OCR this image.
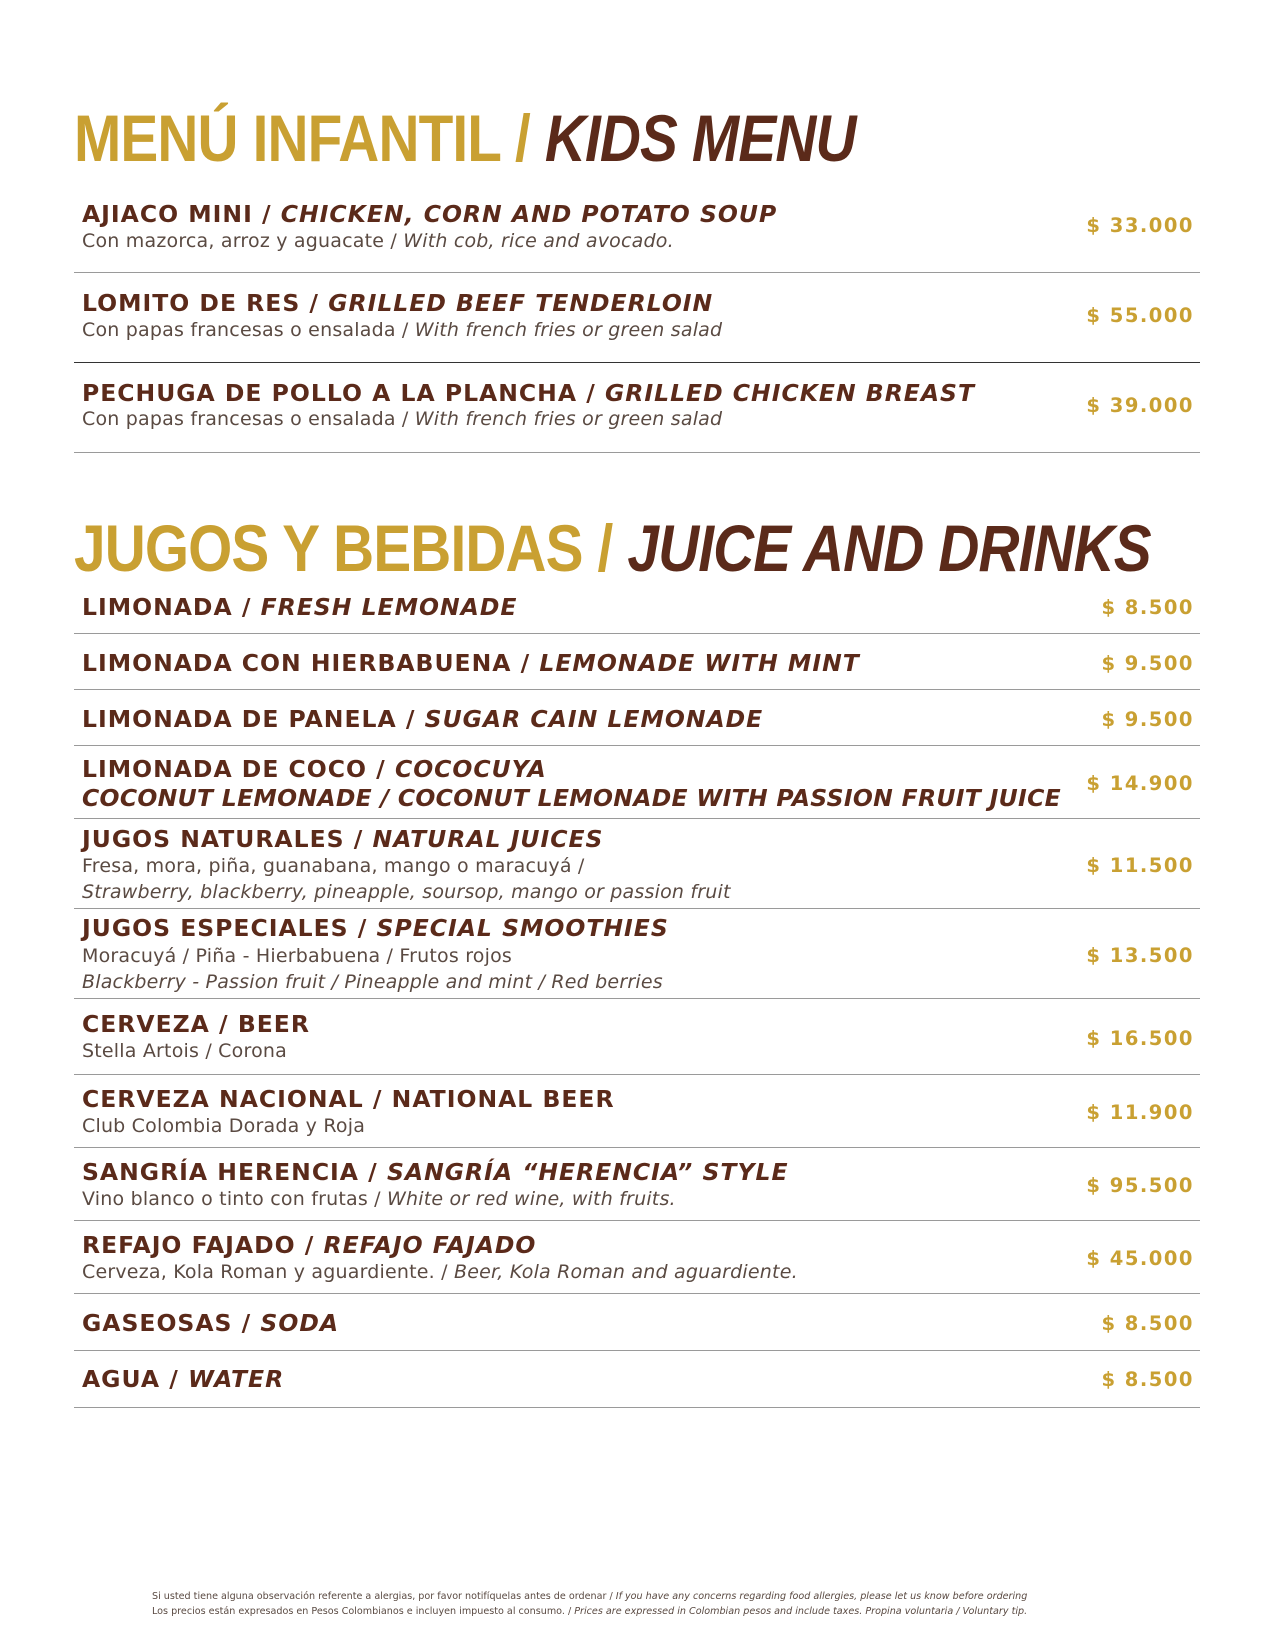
MENÚ INFANTIL / KIDS MENU
AJIACO MINI / CHICKEN, CORN AND POTATO SOUP
Con mazorca, arroz y aguacate / With cob, rice and avocado.
$ 33.000
LOMITO DE RES / GRILLED BEEF TENDERLOIN
Con papas francesas o ensalada / With french fries or green salad
$ 55.000
PECHUGA DE POLLO A LA PLANCHA / GRILLED CHICKEN BREAST
Con papas francesas o ensalada / With french fries or green salad
$ 39.000
JUGOS Y BEBIDAS / JUICE AND DRINKS
LIMONADA / FRESH LEMONADE	$ 8.500
LIMONADA CON HIERBABUENA / LEMONADE WITH MINT	$ 9.500
LIMONADA DE PANELA / SUGAR CAIN LEMONADE	$ 9.500
LIMONADA DE COCO / COCOCUYA
COCONUT LEMONADE / COCONUT LEMONADE WITH PASSION FRUIT JUICE
$ 14.900
JUGOS NATURALES / NATURAL JUICES
Fresa, mora, piña, guanabana, mango o maracuyá /
Strawberry, blackberry, pineapple, soursop, mango or passion fruit
$ 11.500
JUGOS ESPECIALES / SPECIAL SMOOTHIES
Moracuyá / Piña - Hierbabuena / Frutos rojos
Blackberry - Passion fruit / Pineapple and mint / Red berries
$ 13.500
CERVEZA / BEER
Stella Artois / Corona
$ 16.500
CERVEZA NACIONAL / NATIONAL BEER
Club Colombia Dorada y Roja
$ 11.900
SANGRÍA HERENCIA / SANGRÍA “HERENCIA” STYLE
Vino blanco o tinto con frutas / White or red wine, with fruits.
$ 95.500
REFAJO FAJADO / REFAJO FAJADO
Cerveza, Kola Roman y aguardiente. / Beer, Kola Roman and aguardiente.
$ 45.000
GASEOSAS / SODA	$ 8.500
AGUA / WATER	$ 8.500
Si usted tiene alguna observación referente a alergias, por favor notifíquelas antes de ordenar / If you have any concerns regarding food allergies, please let us know before ordering
Los precios están expresados en Pesos Colombianos e incluyen impuesto al consumo. / Prices are expressed in Colombian pesos and include taxes. Propina voluntaria / Voluntary tip.
